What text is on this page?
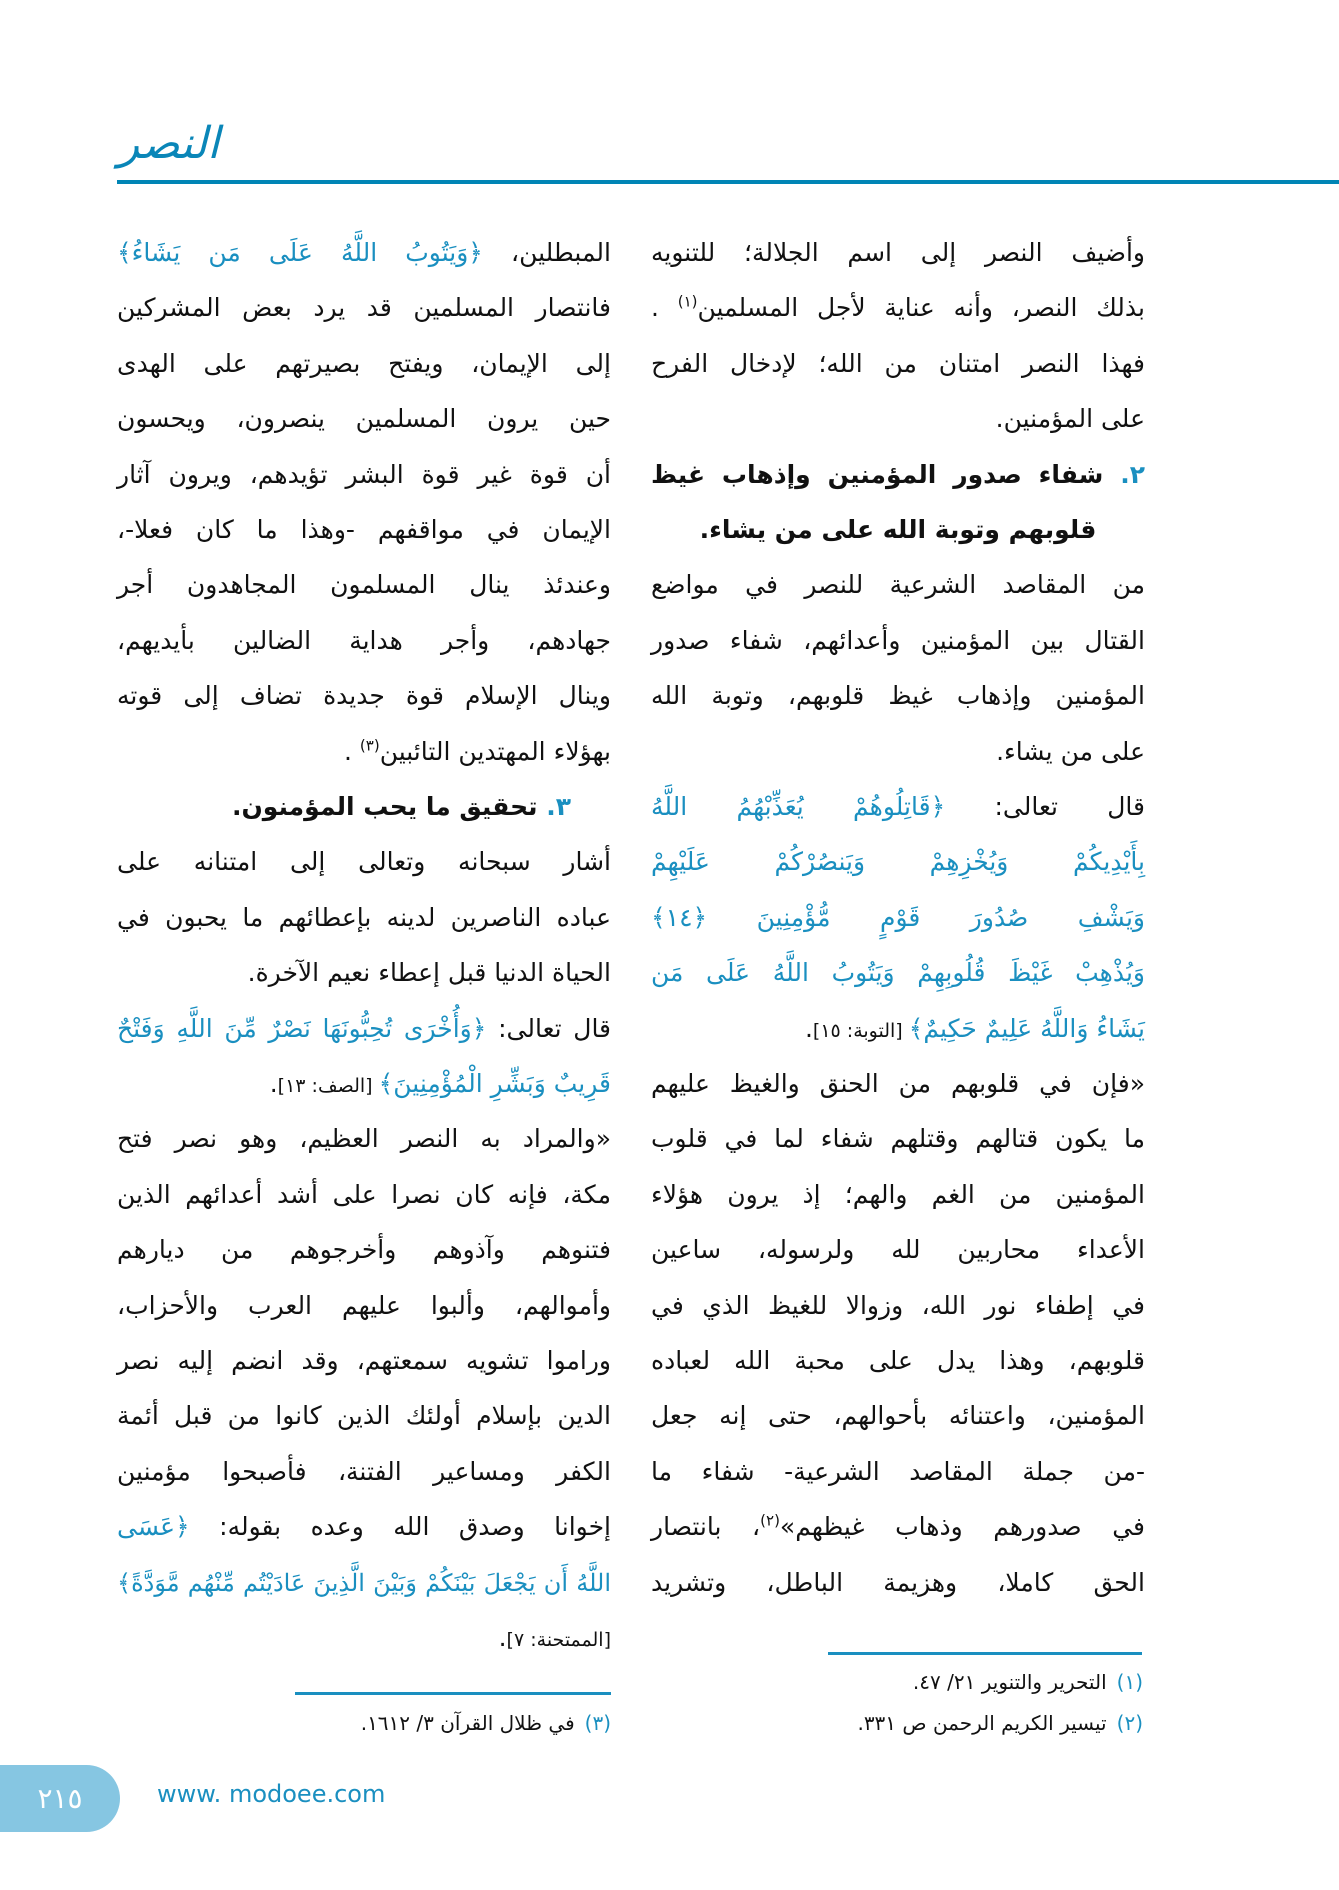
النصر
وأضيف النصر إلى اسم الجلالة؛ للتنويه
بذلك النصر، وأنه عناية لأجل المسلمين$^{(١)}$ .
فهذا النصر امتنان من الله؛ لإدخال الفرح
على المؤمنين.
٢. شفاء صدور المؤمنين وإذهاب غيظ
قلوبهم وتوبة الله على من يشاء.
من المقاصد الشرعية للنصر في مواضع
القتال بين المؤمنين وأعدائهم، شفاء صدور
المؤمنين وإذهاب غيظ قلوبهم، وتوبة الله
على من يشاء.
قال تعالى: ﴿قَاتِلُوهُمْ يُعَذِّبْهُمُ اللَّهُ
بِأَيْدِيكُمْ وَيُخْزِهِمْ وَيَنصُرْكُمْ عَلَيْهِمْ
وَيَشْفِ صُدُورَ قَوْمٍ مُّؤْمِنِينَ ﴿١٤﴾
وَيُذْهِبْ غَيْظَ قُلُوبِهِمْ وَيَتُوبُ اللَّهُ عَلَى مَن
يَشَاءُ وَاللَّهُ عَلِيمٌ حَكِيمٌ﴾ [التوبة: ١٥].
«فإن في قلوبهم من الحنق والغيظ عليهم
ما يكون قتالهم وقتلهم شفاء لما في قلوب
المؤمنين من الغم والهم؛ إذ يرون هؤلاء
الأعداء محاربين لله ولرسوله، ساعين
في إطفاء نور الله، وزوالا للغيظ الذي في
قلوبهم، وهذا يدل على محبة الله لعباده
المؤمنين، واعتنائه بأحوالهم، حتى إنه جعل
-من جملة المقاصد الشرعية- شفاء ما
في صدورهم وذهاب غيظهم»$^{(٢)}$، بانتصار
الحق كاملا، وهزيمة الباطل، وتشريد
المبطلين، ﴿وَيَتُوبُ اللَّهُ عَلَى مَن يَشَاءُ﴾
فانتصار المسلمين قد يرد بعض المشركين
إلى الإيمان، ويفتح بصيرتهم على الهدى
حين يرون المسلمين ينصرون، ويحسون
أن قوة غير قوة البشر تؤيدهم، ويرون آثار
الإيمان في مواقفهم -وهذا ما كان فعلا-،
وعندئذ ينال المسلمون المجاهدون أجر
جهادهم، وأجر هداية الضالين بأيديهم،
وينال الإسلام قوة جديدة تضاف إلى قوته
بهؤلاء المهتدين التائبين$^{(٣)}$ .
٣. تحقيق ما يحب المؤمنون.
أشار سبحانه وتعالى إلى امتنانه على
عباده الناصرين لدينه بإعطائهم ما يحبون في
الحياة الدنيا قبل إعطاء نعيم الآخرة.
قال تعالى: ﴿وَأُخْرَى تُحِبُّونَهَا نَصْرٌ مِّنَ اللَّهِ وَفَتْحٌ
قَرِيبٌ وَبَشِّرِ الْمُؤْمِنِينَ﴾ [الصف: ١٣].
«والمراد به النصر العظيم، وهو نصر فتح
مكة، فإنه كان نصرا على أشد أعدائهم الذين
فتنوهم وآذوهم وأخرجوهم من ديارهم
وأموالهم، وألبوا عليهم العرب والأحزاب،
وراموا تشويه سمعتهم، وقد انضم إليه نصر
الدين بإسلام أولئك الذين كانوا من قبل أئمة
الكفر ومساعير الفتنة، فأصبحوا مؤمنين
إخوانا وصدق الله وعده بقوله: ﴿عَسَى
اللَّهُ أَن يَجْعَلَ بَيْنَكُمْ وَبَيْنَ الَّذِينَ عَادَيْتُم مِّنْهُم مَّوَدَّةً﴾
[الممتحنة: ٧].
(١)التحرير والتنوير ٢١/ ٤٧.
(٢)تيسير الكريم الرحمن ص ٣٣١.
(٣)في ظلال القرآن ٣/ ١٦١٢.
٢١٥	www. modoee.com
